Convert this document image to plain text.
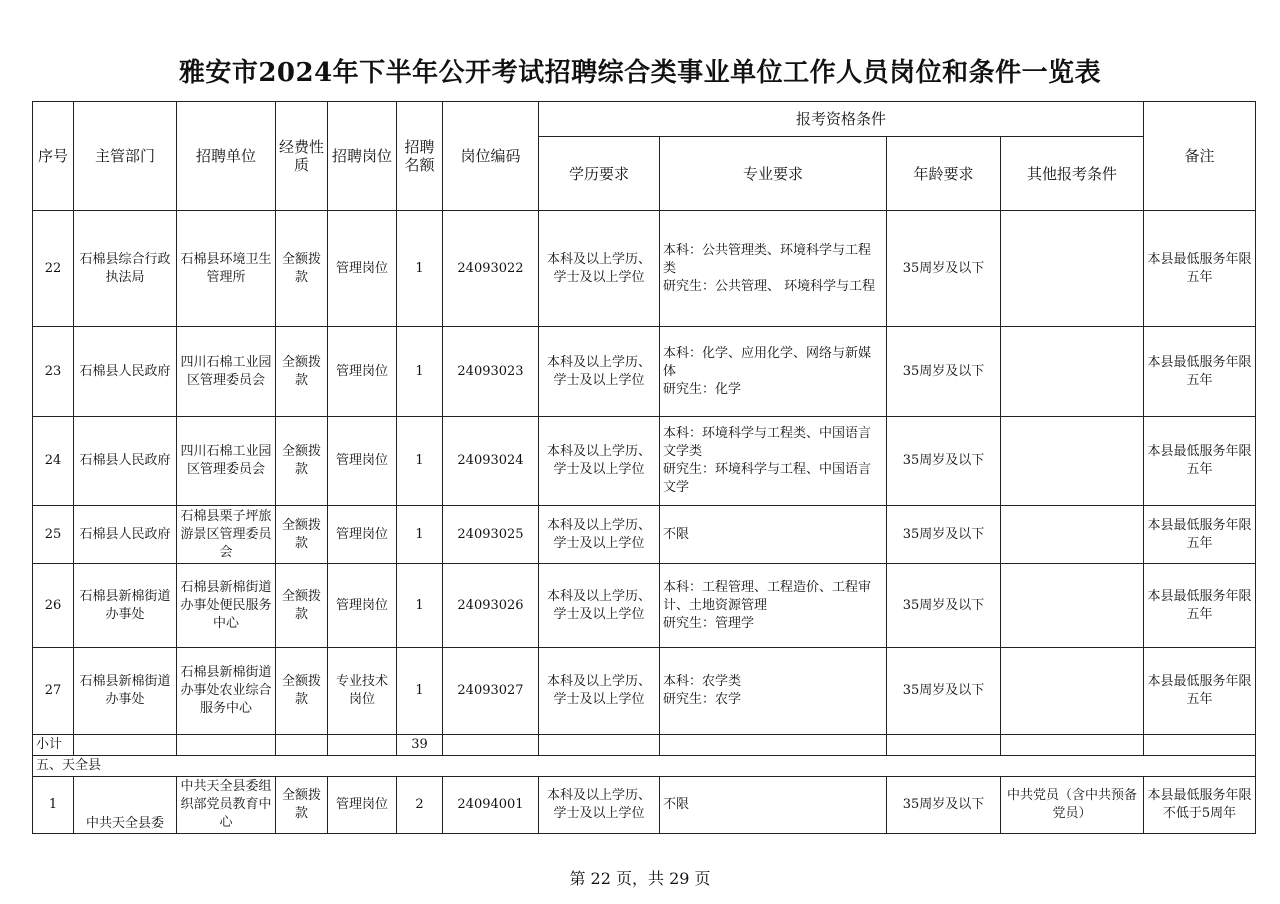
雅安市2024年下半年公开考试招聘综合类事业单位工作人员岗位和条件一览表
序号	主管部门	招聘单位	经费性质	招聘岗位	招聘名额	岗位编码	报考资格条件				备注
							学历要求	专业要求	年龄要求	其他报考条件	
22	石棉县综合行政执法局	石棉县环境卫生管理所	全额拨款	管理岗位	1	24093022	本科及以上学历、学士及以上学位	本科：公共管理类、环境科学与工程类
研究生：公共管理、 环境科学与工程	35周岁及以下		本县最低服务年限五年
23	石棉县人民政府	四川石棉工业园区管理委员会	全额拨款	管理岗位	1	24093023	本科及以上学历、学士及以上学位	本科：化学、应用化学、网络与新媒体
研究生：化学	35周岁及以下		本县最低服务年限五年
24	石棉县人民政府	四川石棉工业园区管理委员会	全额拨款	管理岗位	1	24093024	本科及以上学历、学士及以上学位	本科：环境科学与工程类、中国语言文学类
研究生：环境科学与工程、中国语言文学	35周岁及以下		本县最低服务年限五年
25	石棉县人民政府	石棉县栗子坪旅游景区管理委员会	全额拨款	管理岗位	1	24093025	本科及以上学历、学士及以上学位	不限	35周岁及以下		本县最低服务年限五年
26	石棉县新棉街道办事处	石棉县新棉街道办事处便民服务中心	全额拨款	管理岗位	1	24093026	本科及以上学历、学士及以上学位	本科：工程管理、工程造价、工程审计、土地资源管理
研究生：管理学	35周岁及以下		本县最低服务年限五年
27	石棉县新棉街道办事处	石棉县新棉街道办事处农业综合服务中心	全额拨款	专业技术岗位	1	24093027	本科及以上学历、学士及以上学位	本科：农学类
研究生：农学	35周岁及以下		本县最低服务年限五年
小计					39						
五、天全县											
1	中共天全县委	中共天全县委组织部党员教育中心	全额拨款	管理岗位	2	24094001	本科及以上学历、学士及以上学位	不限	35周岁及以下	中共党员（含中共预备党员）	本县最低服务年限不低于5周年
第 22 页，共 29 页
